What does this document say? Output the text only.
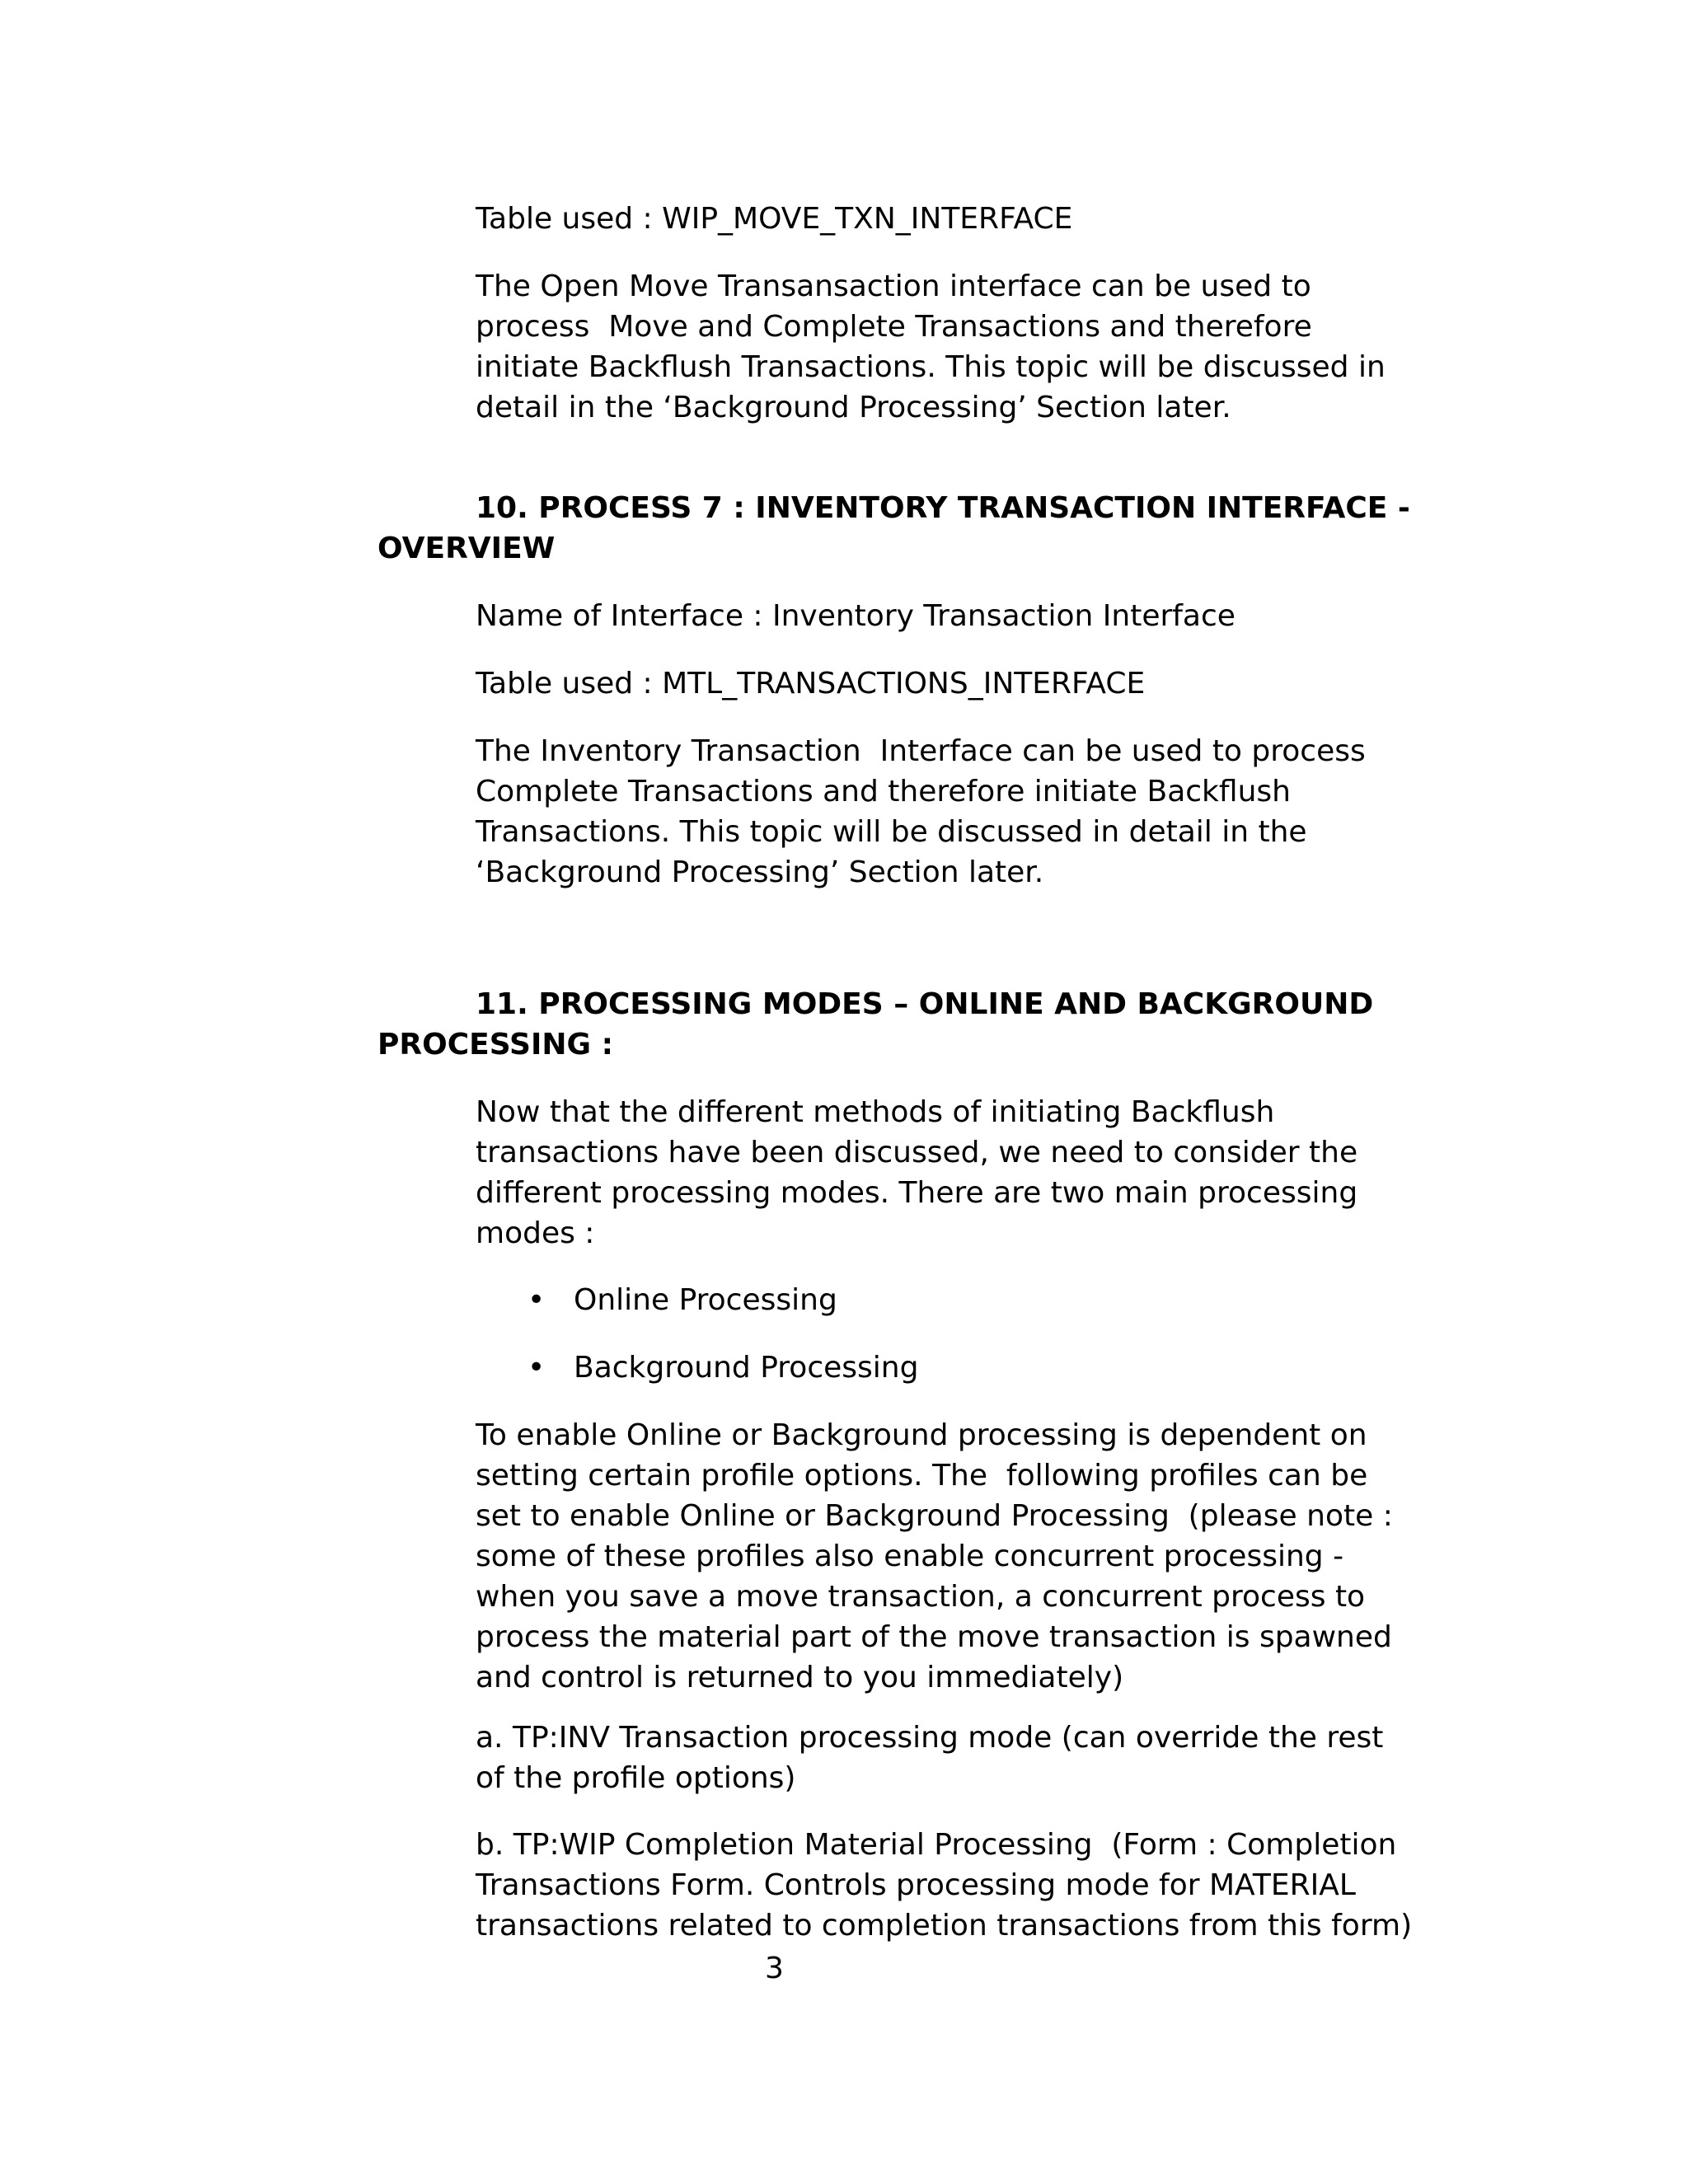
Table used : WIP_MOVE_TXN_INTERFACE

The Open Move Transansaction interface can be used to
process  Move and Complete Transactions and therefore
initiate Backflush Transactions. This topic will be discussed in
detail in the ‘Background Processing’ Section later.

10. PROCESS 7 : INVENTORY TRANSACTION INTERFACE - OVERVIEW

Name of Interface : Inventory Transaction Interface

Table used : MTL_TRANSACTIONS_INTERFACE

The Inventory Transaction  Interface can be used to process
Complete Transactions and therefore initiate Backflush
Transactions. This topic will be discussed in detail in the
‘Background Processing’ Section later.

11. PROCESSING MODES – ONLINE AND BACKGROUND PROCESSING :

Now that the different methods of initiating Backflush
transactions have been discussed, we need to consider the
different processing modes. There are two main processing
modes :

• Online Processing
• Background Processing

To enable Online or Background processing is dependent on
setting certain profile options. The  following profiles can be
set to enable Online or Background Processing  (please note :
some of these profiles also enable concurrent processing -
when you save a move transaction, a concurrent process to
process the material part of the move transaction is spawned
and control is returned to you immediately)

a. TP:INV Transaction processing mode (can override the rest
of the profile options)

b. TP:WIP Completion Material Processing  (Form : Completion
Transactions Form. Controls processing mode for MATERIAL
transactions related to completion transactions from this form)

3
